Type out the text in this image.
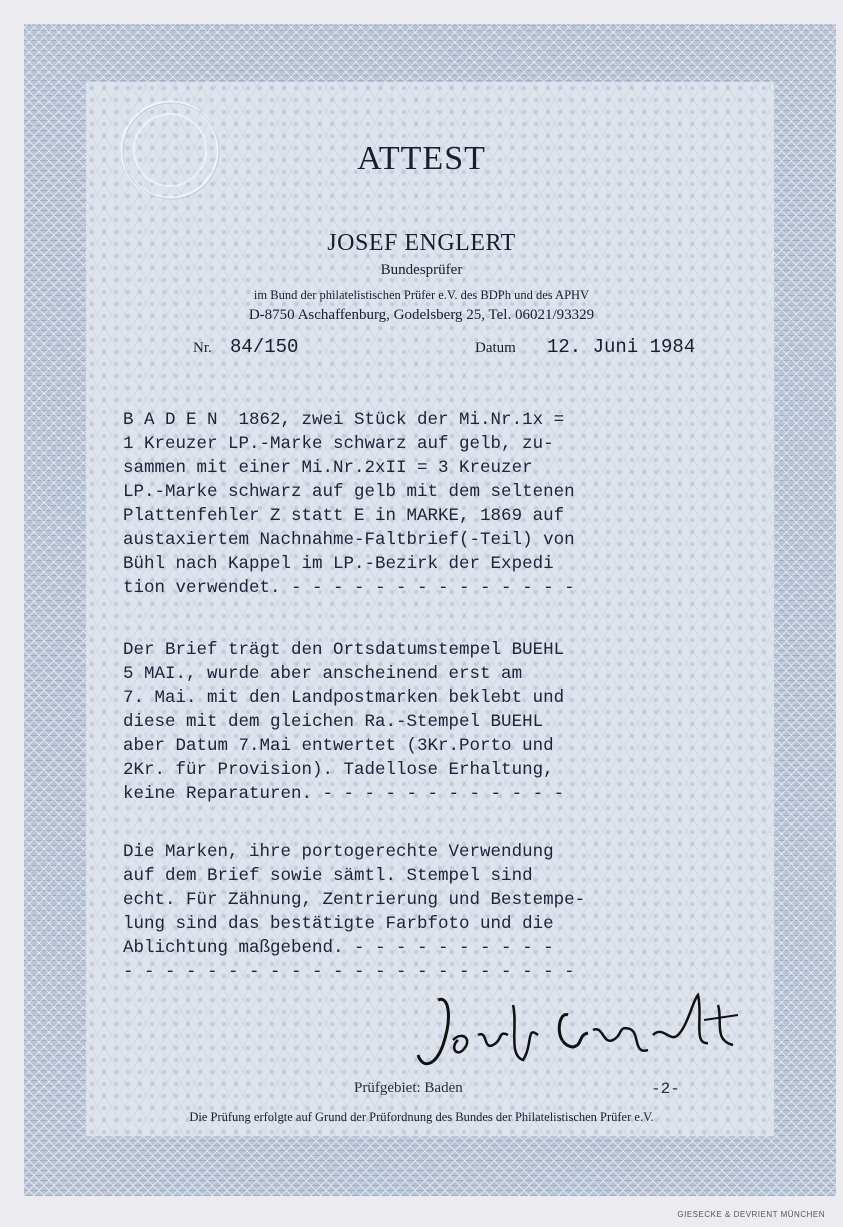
ATTEST
JOSEF ENGLERT
Bundesprüfer
im Bund der philatelistischen Prüfer e.V. des BDPh und des APHV
D-8750 Aschaffenburg, Godelsberg 25, Tel. 06021/93329
Nr. 84/150	Datum 12. Juni 1984
B A D E N  1862, zwei Stück der Mi.Nr.1x =
1 Kreuzer LP.-Marke schwarz auf gelb, zu-
sammen mit einer Mi.Nr.2xII = 3 Kreuzer
LP.-Marke schwarz auf gelb mit dem seltenen
Plattenfehler Z statt E in MARKE, 1869 auf
austaxiertem Nachnahme-Faltbrief(-Teil) von
Bühl nach Kappel im LP.-Bezirk der Expedi
tion verwendet. - - - - - - - - - - - - - -
Der Brief trägt den Ortsdatumstempel BUEHL
5 MAI., wurde aber anscheinend erst am
7. Mai. mit den Landpostmarken beklebt und
diese mit dem gleichen Ra.-Stempel BUEHL
aber Datum 7.Mai entwertet (3Kr.Porto und
2Kr. für Provision). Tadellose Erhaltung,
keine Reparaturen. - - - - - - - - - - - -
Die Marken, ihre portogerechte Verwendung
auf dem Brief sowie sämtl. Stempel sind
echt. Für Zähnung, Zentrierung und Bestempe-
lung sind das bestätigte Farbfoto und die
Ablichtung maßgebend. - - - - - - - - - -
- - - - - - - - - - - - - - - - - - - - - -
Prüfgebiet: Baden	-2-
Die Prüfung erfolgte auf Grund der Prüfordnung des Bundes der Philatelistischen Prüfer e.V.
GIESECKE & DEVRIENT MÜNCHEN
